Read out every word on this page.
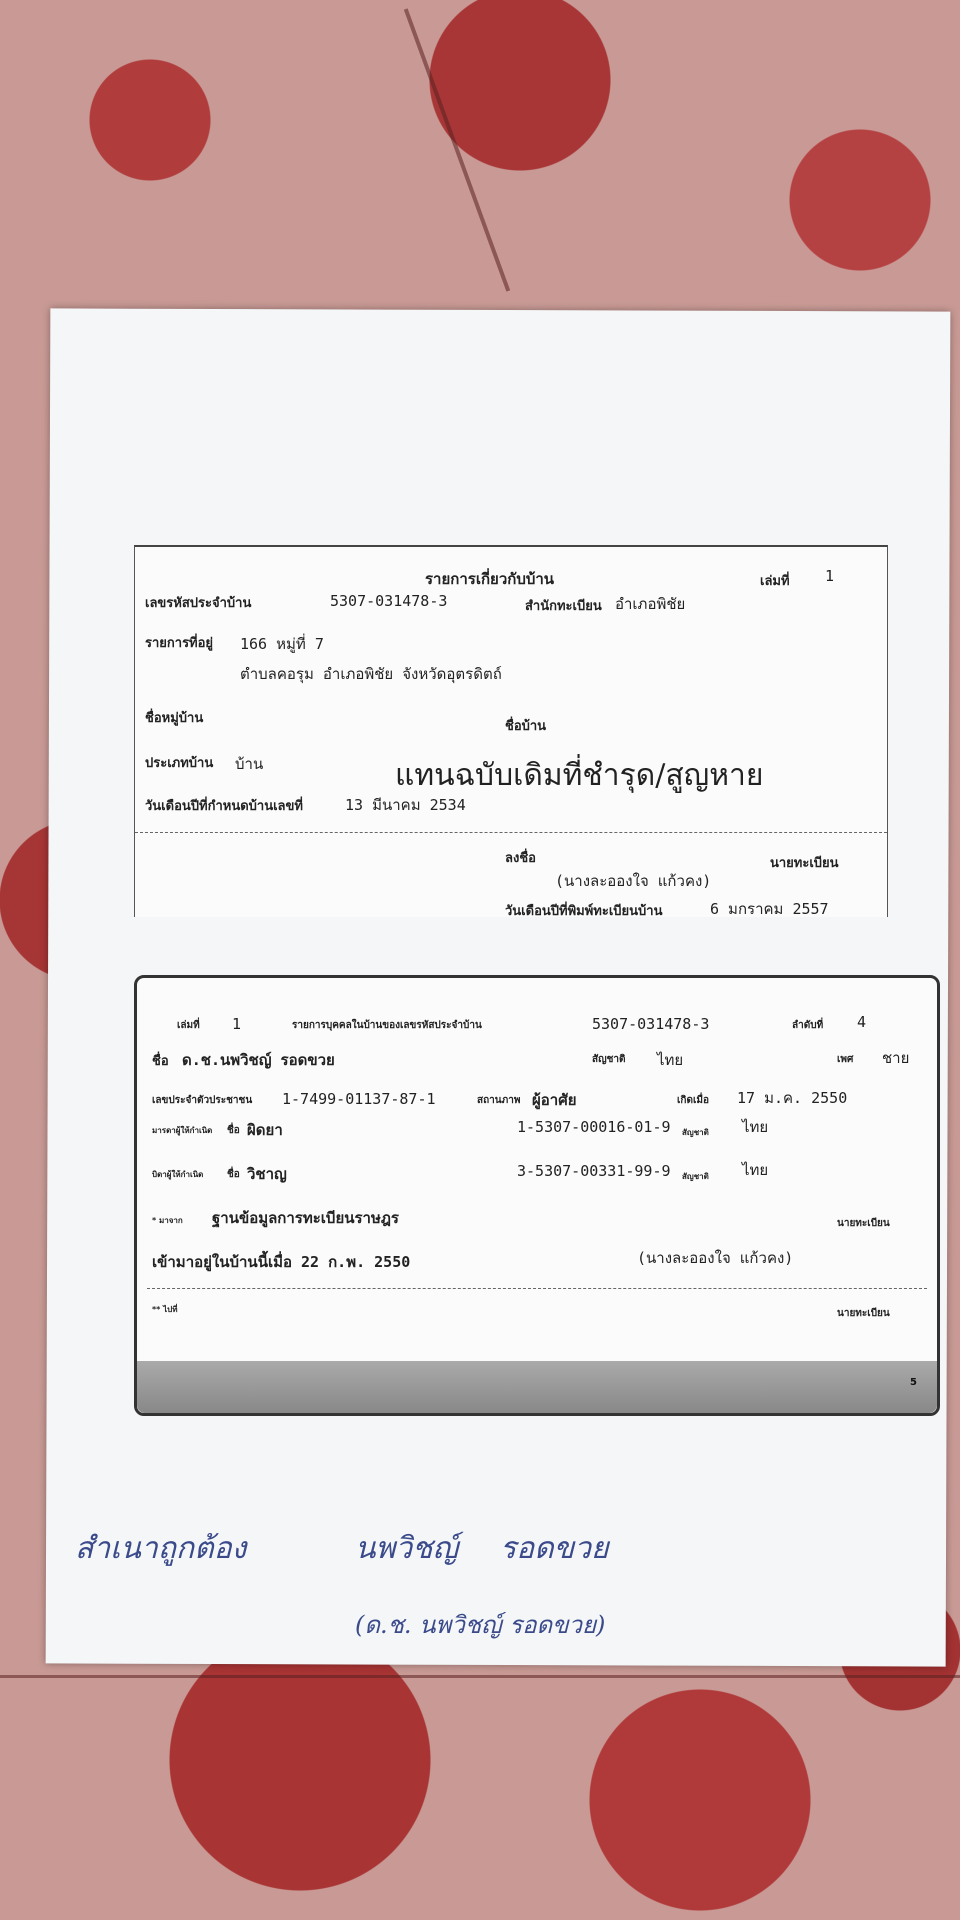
รายการเกี่ยวกับบ้าน	เล่มที่ 1
เลขรหัสประจำบ้าน	5307-031478-3	สำนักทะเบียน อำเภอพิชัย
รายการที่อยู่ 166 หมู่ที่ 7
ตำบลคอรุม อำเภอพิชัย จังหวัดอุตรดิตถ์
ชื่อหมู่บ้าน
ชื่อบ้าน
ประเภทบ้าน บ้าน	แทนฉบับเดิมที่ชำรุด/สูญหาย
วันเดือนปีที่กำหนดบ้านเลขที่	13 มีนาคม 2534
ลงชื่อ	นายทะเบียน
(นางละอองใจ แก้วคง)
วันเดือนปีที่พิมพ์ทะเบียนบ้าน	6 มกราคม 2557
เล่มที่ 1	รายการบุคคลในบ้านของเลขรหัสประจำบ้าน	5307-031478-3	ลำดับที่ 4
ชื่อ ด.ช.นพวิชญ์ รอดขวย	สัญชาติ ไทย	เพศ ชาย
เลขประจำตัวประชาชน 1-7499-01137-87-1	สถานภาพ ผู้อาศัย	เกิดเมื่อ 17 ม.ค. 2550
มารดาผู้ให้กำเนิด ชื่อ ผิดยา	1-5307-00016-01-9 สัญชาติ ไทย
บิดาผู้ให้กำเนิด ชื่อ วิชาญ	3-5307-00331-99-9 สัญชาติ ไทย
* มาจาก ฐานข้อมูลการทะเบียนราษฎร	นายทะเบียน
เข้ามาอยู่ในบ้านนี้เมื่อ 22 ก.พ. 2550	(นางละอองใจ แก้วคง)
** ไปที่	นายทะเบียน
5
สำเนาถูกต้อง	นพวิชญ์ รอดขวย
(ด.ช. นพวิชญ์ รอดขวย)
